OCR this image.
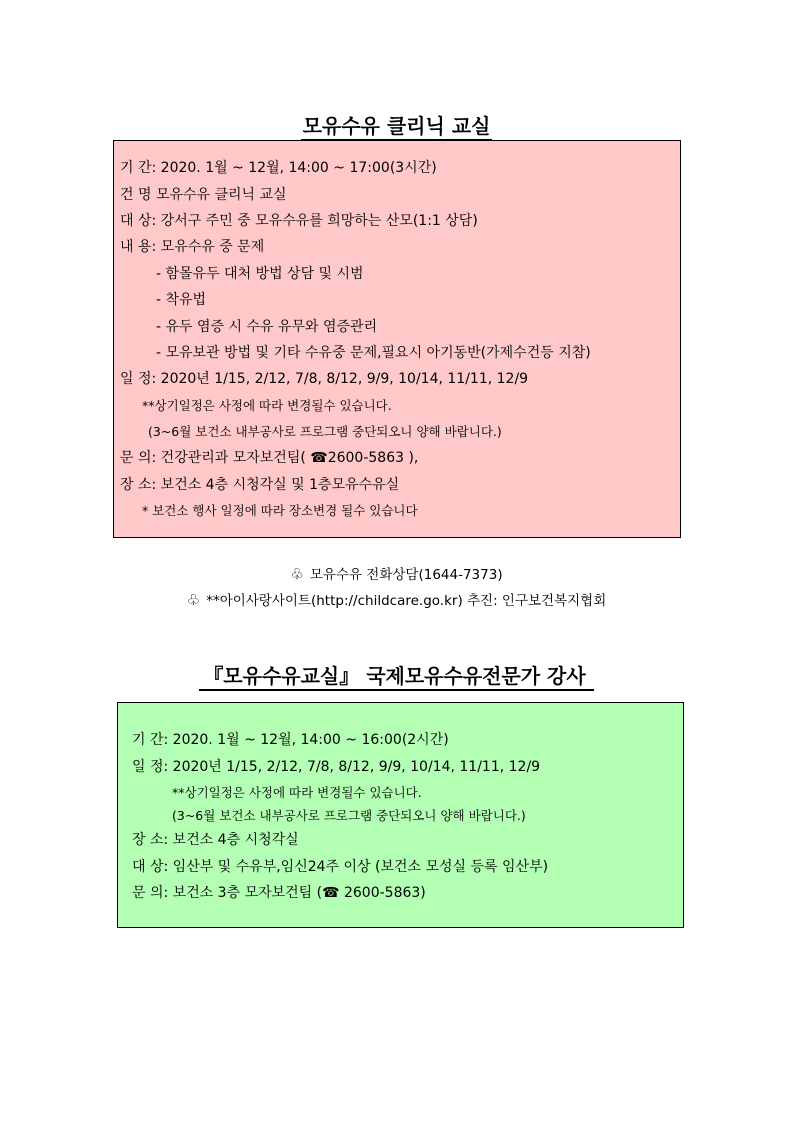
모유수유 클리닉 교실
기 간: 2020. 1월 ~ 12월, 14:00 ~ 17:00(3시간)
건 명 모유수유 클리닉 교실
대 상: 강서구 주민 중 모유수유를 희망하는 산모(1:1 상담)
내 용: 모유수유 중 문제
- 함몰유두 대처 방법 상담 및 시범
- 착유법
- 유두 염증 시 수유 유무와 염증관리
- 모유보관 방법 및 기타 수유중 문제,필요시 아기동반(가제수건등 지참)
일 정: 2020년 1/15, 2/12, 7/8, 8/12, 9/9, 10/14, 11/11, 12/9
**상기일정은 사정에 따라 변경될수 있습니다.
(3~6월 보건소 내부공사로 프로그램 중단되오니 양해 바랍니다.)
문 의: 건강관리과 모자보건팀( ☎2600-5863 ),
장 소: 보건소 4층 시청각실 및 1층모유수유실
* 보건소 행사 일정에 따라 장소변경 될수 있습니다
♧ 모유수유 전화상담(1644-7373)
♧ **아이사랑사이트(http://childcare.go.kr) 추진: 인구보건복지협회
『모유수유교실』 국제모유수유전문가 강사
기 간: 2020. 1월 ~ 12월, 14:00 ~ 16:00(2시간)
일 정: 2020년 1/15, 2/12, 7/8, 8/12, 9/9, 10/14, 11/11, 12/9
**상기일정은 사정에 따라 변경될수 있습니다.
(3~6월 보건소 내부공사로 프로그램 중단되오니 양해 바랍니다.)
장 소: 보건소 4층 시청각실
대 상: 임산부 및 수유부,임신24주 이상 (보건소 모성실 등록 임산부)
문 의: 보건소 3층 모자보건팀 (☎ 2600-5863)
